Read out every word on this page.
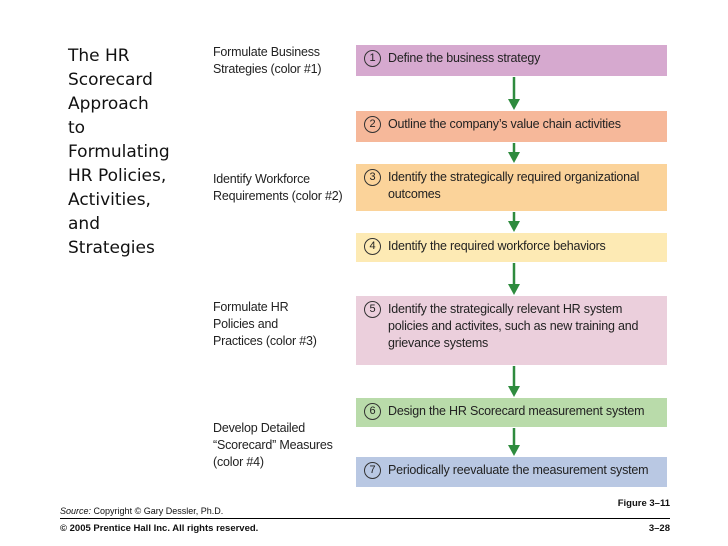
The HR
Scorecard
Approach
to
Formulating
HR Policies,
Activities,
and
Strategies
Formulate Business
Strategies (color #1)
Identify Workforce
Requirements (color #2)
Formulate HR
Policies and
Practices (color #3)
Develop Detailed
“Scorecard” Measures
(color #4)
1	Define the business strategy
2	Outline the company’s value chain activities
3	Identify the strategically required organizational outcomes
4	Identify the required workforce behaviors
5	Identify the strategically relevant HR system policies and activites, such as new training and grievance systems
6	Design the HR Scorecard measurement system
7	Periodically reevaluate the measurement system
Source: Copyright © Gary Dessler, Ph.D.
Figure 3–11
© 2005 Prentice Hall Inc. All rights reserved.	3–28
